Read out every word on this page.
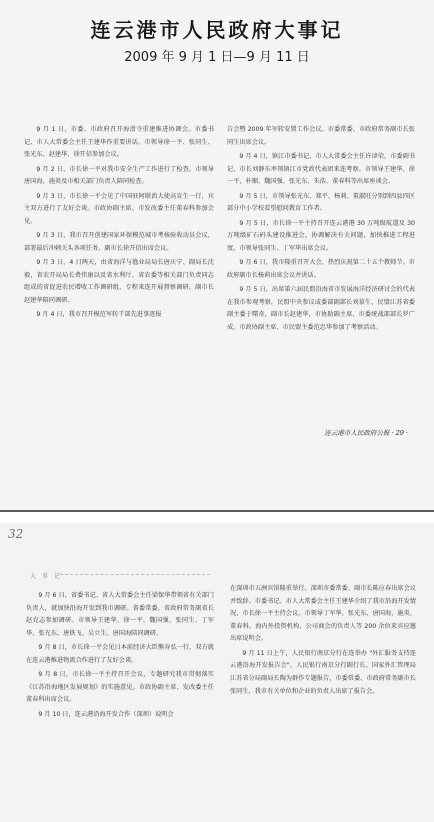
连云港市人民政府大事记
2009 年 9 月 1 日—9 月 11 日

9 月 1 日，市委、市政府召开海滑寺重建推进协调会。市委书记、市人大常委会主任王建华作重要讲话。市领导徐一平、张同生、张光东、赵建华、徐开信参加会议。

9 月 2 日，市长徐一平对我市安全生产工作进行了检查。市领导唐国海、施炎及市相关部门负责人陪同检查。

9 月 3 日，市长徐一平会见了中国驻阿联酋大使高育生一行，宾主双方进行了友好会谈。市政协副主席、市发改委主任董春科参加会见。

9 月 3 日，我市召开创建国家环保模范城市考核验收动员会议，部署最后冲刺关头各项任务。副市长徐开信出席会议。

9 月 3 日、4 日两天，由省海洋与渔业局局长唐庆宁、副局长沈毅，省农开局局长费伟康以及省水利厅、省农委等相关部门负责同志组成的省促进农民增收工作调研组，专程来连开展督察调研。副市长赵建华陪同调研。

9 月 4 日，我市召开模范军转干部先进事迹报

告会暨 2009 年军转安置工作会议。市委常委、市政府常务副市长张同生出席会议。

9 月 4 日，镇江市委书记、市人大常委会主任许津荣，市委副书记、市长刘静东率领镇江市党政代表团来连考察。市领导王建华、徐一平、朴顺、魏国强、张光东、朱浩、董春科等出席座谈会。

9 月 5 日，市领导张光东、郑平、杨莉、董淑旺分别到四县四区部分中小学校看望慰问教育工作者。

9 月 5 日，市长徐一平主持召开连云港港 30 万吨级航道及 30 万吨级矿石码头建设推进会，协调解决有关问题，加快推进工程进度。市领导张同生、丁军华出席会议。

9 月 6 日，我市隆重召开大会，热烈庆祝第二十五个教师节。市政府副市长杨莉出席会议并讲话。

9 月 5 日，出席第六届民盟沿海省市发展海洋经济研讨会的代表在我市参观考察，民盟中央参议或委部副部长刘慕生，民盟江苏省委副主委于曙奇，副市长赵建华，市协助副主席、市委统战部部长罗广成，市政协副主席、市民盟主委范忠华参加了考察活动。

连云港市人民政府公报 · 29 ·
32
大 事 记

9 月 6 日，省委书记、省人大常委会主任梁保华带领省有关部门负责人，就加快沿海开发到我市调研。省委常委、省政府常务副省长赵克志参加调研。市领导王建华、徐一平、魏国强、张同生、丁军华、张光东、唐铁飞、吴立生、唐国海陪同调研。

9 月 8 日，市长徐一平会见日本前经济大臣熊谷弘一行，双方就在连云港推进物流合作进行了友好会谈。

9 月 8 日，市长徐一平主持召开会议，专题研究我市贯彻落实《江苏沿海地区发展规划》的实施意见。市政协副主席、发改委主任董春科出席会议。

9 月 10 日，连云港沿海开发合作（深圳）说明会

在深圳市五洲宾馆隆重举行。深圳市委常委、副市长陈应春出席会议并致辞。市委书记、市人大常委会主任王建华介绍了我市沿海开发情况，市长徐一平主持会议。市领导丁军华、张光东、唐国海、施炎、董春科，海内外投资机构、公司商会的负责人等 200 余位来宾应邀出席说明会。

9 月 11 日上午，人民银行南京分行在连举办 "外汇服务支持连云港沿海开发报告会"。人民银行南京分行副行长、国家外汇管理局江苏省分局副局长陶为群作专题报告，市委常委、市政府常务副市长张同生，我市有关单位和企业的负责人出席了报告会。
